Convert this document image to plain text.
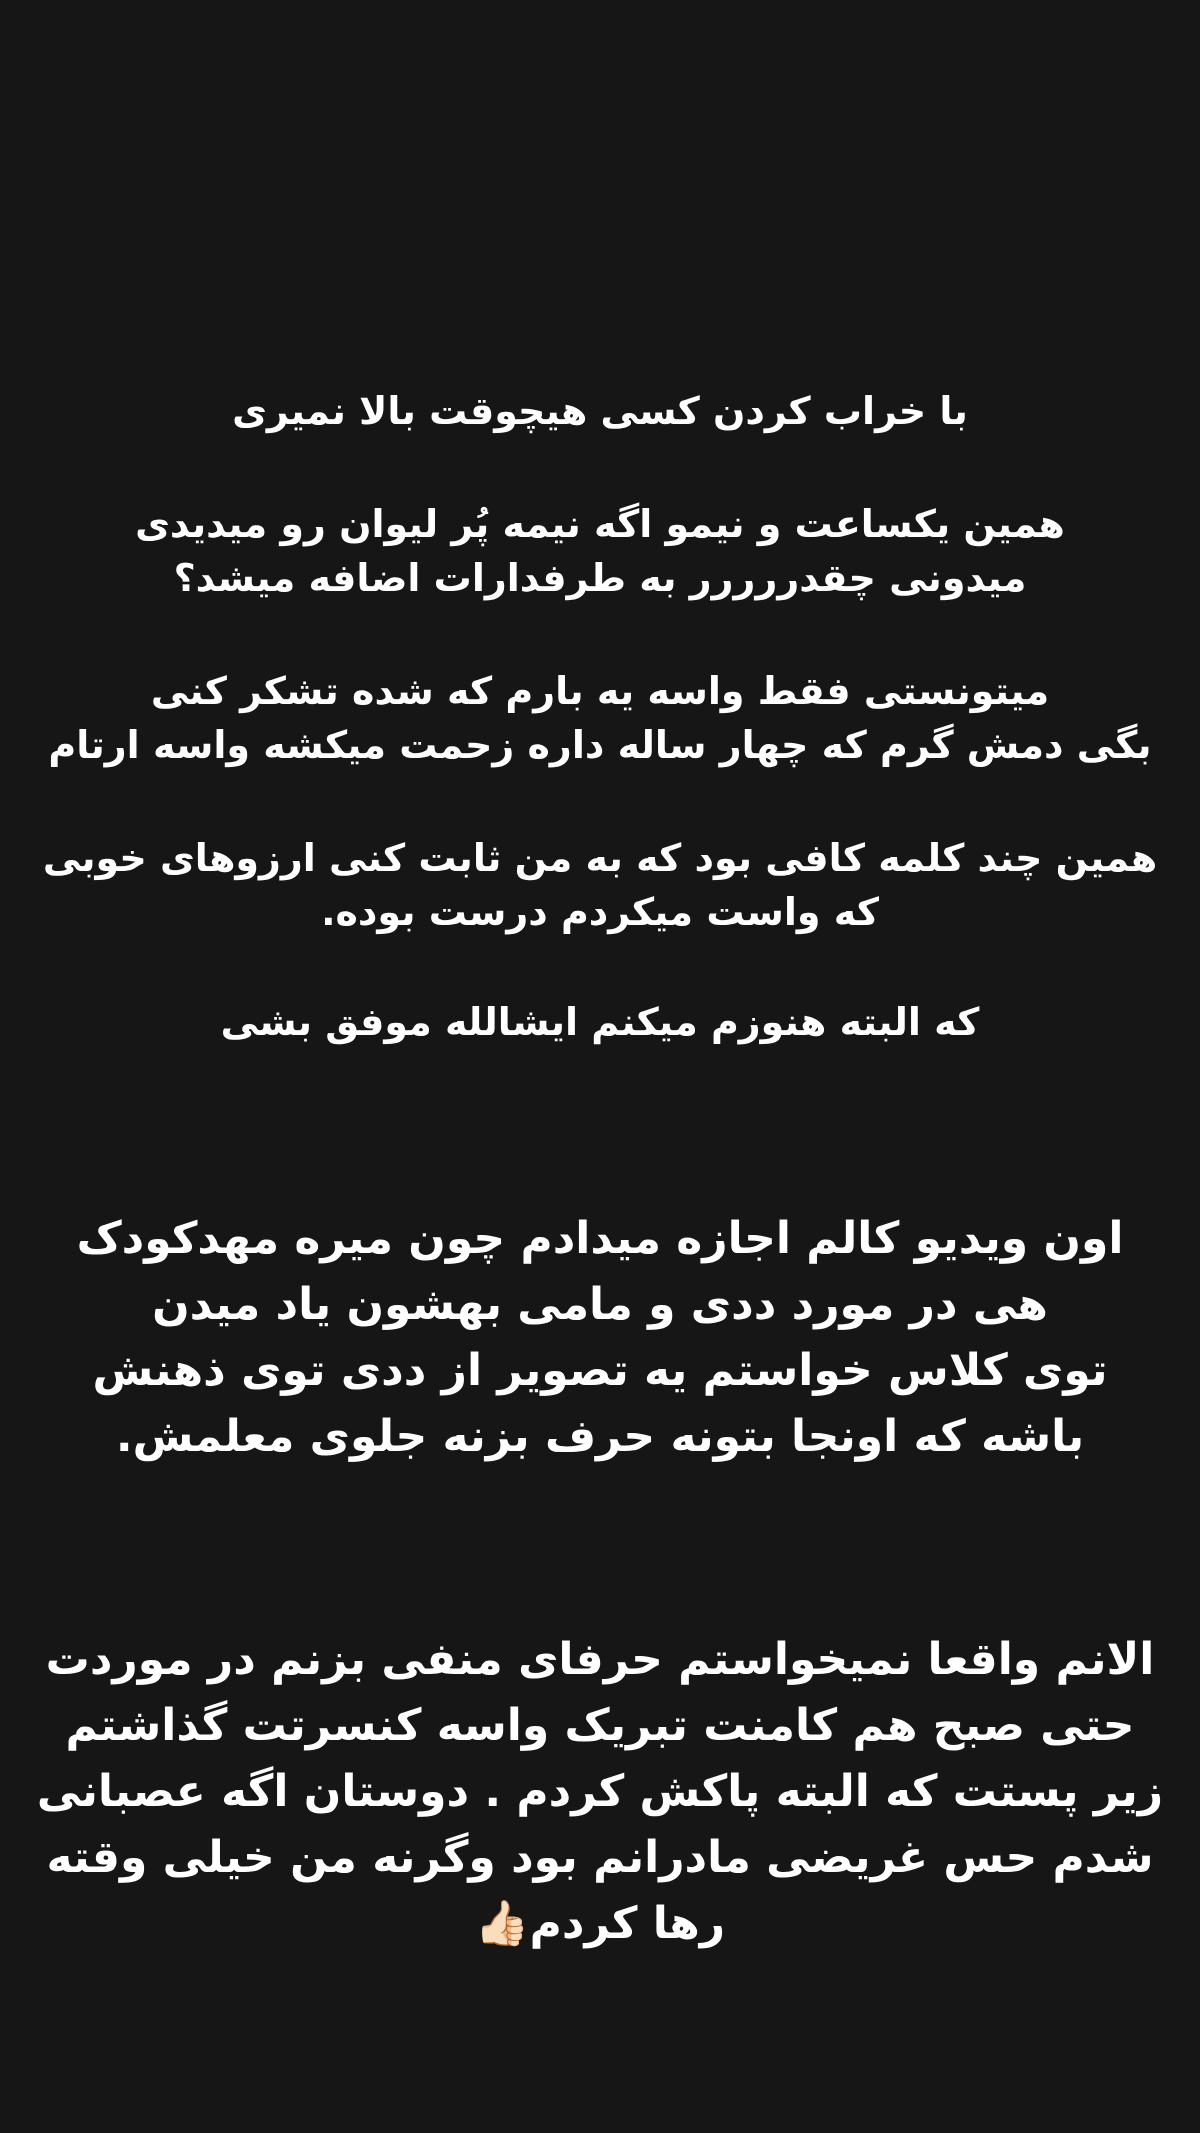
با خراب کردن کسی هیچوقت بالا نمیری
همین یکساعت و نیمو اگه نیمه پُر لیوان رو میدیدی
میدونی چقدررررر به طرفدارات اضافه میشد؟
میتونستی فقط واسه یه بارم که شده تشکر کنی
بگی دمش گرم که چهار ساله داره زحمت میکشه واسه ارتام
همین چند کلمه کافی بود که به من ثابت کنی ارزوهای خوبی
که واست میکردم درست بوده.
که البته هنوزم میکنم ایشالله موفق بشی
اون ویدیو کالم اجازه میدادم چون میره مهدکودک
هی در مورد ددی و مامی بهشون یاد میدن
توی کلاس خواستم یه تصویر از ددی توی ذهنش
باشه که اونجا بتونه حرف بزنه جلوی معلمش.
الانم واقعا نمیخواستم حرفای منفی بزنم در موردت
حتی صبح هم کامنت تبریک واسه کنسرتت گذاشتم
زیر پستت که البته پاکش کردم . دوستان اگه عصبانی
شدم حس غریضی مادرانم بود وگرنه من خیلی وقته
رها کردم👍🏻
